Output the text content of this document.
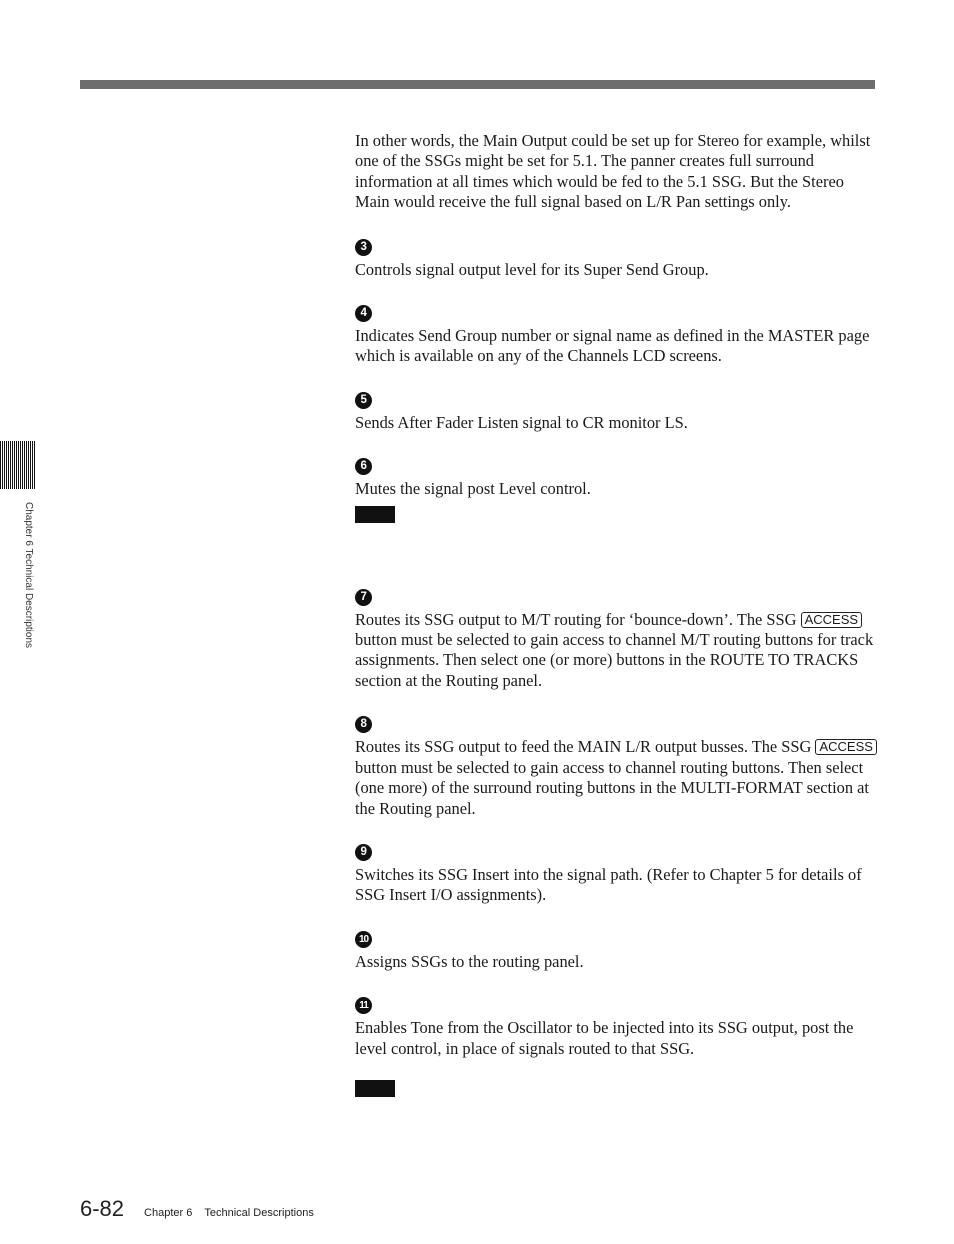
Chapter 6 Technical Descriptions

In other words, the Main Output could be set up for Stereo for example, whilst one of the SSGs might be set for 5.1. The panner creates full surround information at all times which would be fed to the 5.1 SSG. But the Stereo Main would receive the full signal based on L/R Pan settings only.

3

Controls signal output level for its Super Send Group.

4

Indicates Send Group number or signal name as defined in the MASTER page which is available on any of the Channels LCD screens.

5

Sends After Fader Listen signal to CR monitor LS.

6

Mutes the signal post Level control.

7

Routes its SSG output to M/T routing for ‘bounce-down’. The SSG ACCESS button must be selected to gain access to channel M/T routing buttons for track assignments. Then select one (or more) buttons in the ROUTE TO TRACKS section at the Routing panel.

8

Routes its SSG output to feed the MAIN L/R output busses. The SSG ACCESS button must be selected to gain access to channel routing buttons. Then select (one more) of the surround routing buttons in the MULTI-FORMAT section at the Routing panel.

9

Switches its SSG Insert into the signal path. (Refer to Chapter 5 for details of SSG Insert I/O assignments).

10

Assigns SSGs to the routing panel.

11

Enables Tone from the Oscillator to be injected into its SSG output, post the level control, in place of signals routed to that SSG.

6-82 Chapter 6    Technical Descriptions
